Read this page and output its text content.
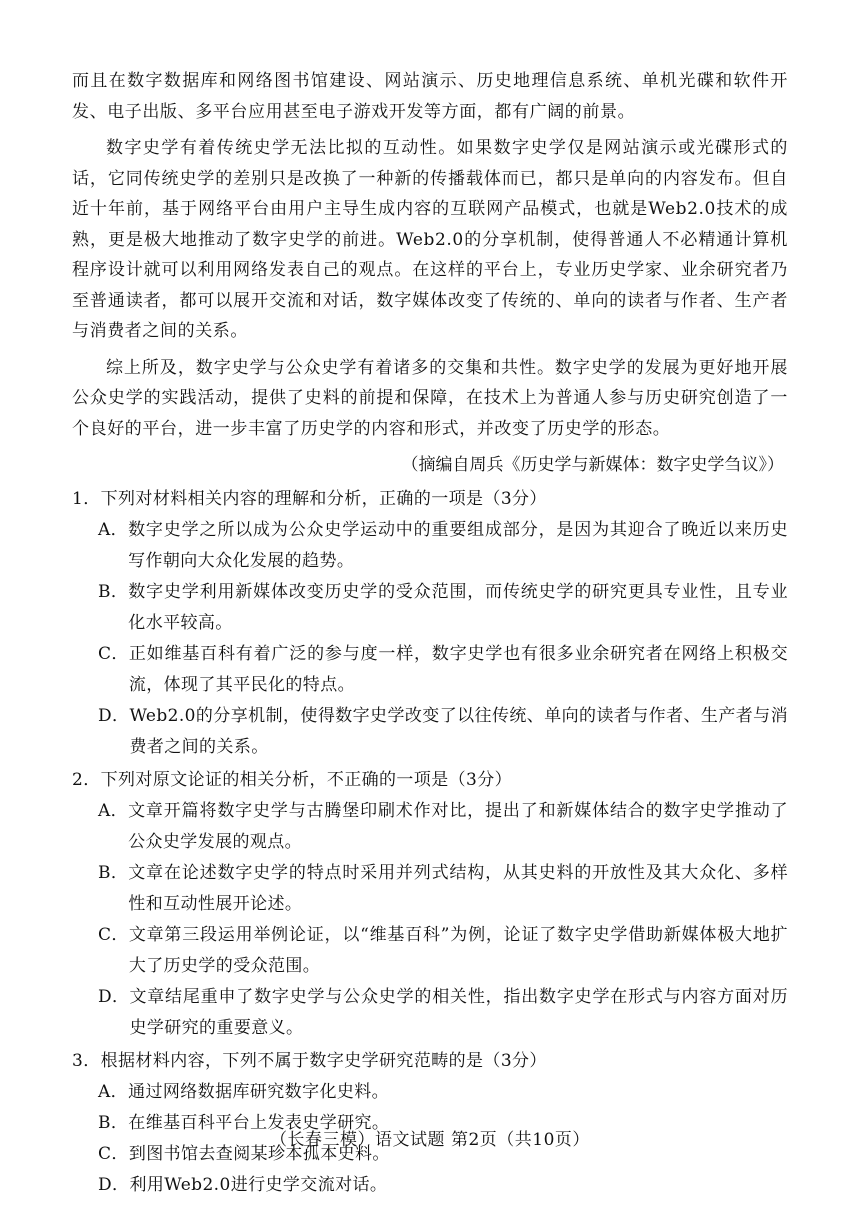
而且在数字数据库和网络图书馆建设、网站演示、历史地理信息系统、单机光碟和软件开发、电子出版、多平台应用甚至电子游戏开发等方面，都有广阔的前景。

数字史学有着传统史学无法比拟的互动性。如果数字史学仅是网站演示或光碟形式的话，它同传统史学的差别只是改换了一种新的传播载体而已，都只是单向的内容发布。但自近十年前，基于网络平台由用户主导生成内容的互联网产品模式，也就是Web2.0技术的成熟，更是极大地推动了数字史学的前进。Web2.0的分享机制，使得普通人不必精通计算机程序设计就可以利用网络发表自己的观点。在这样的平台上，专业历史学家、业余研究者乃至普通读者，都可以展开交流和对话，数字媒体改变了传统的、单向的读者与作者、生产者与消费者之间的关系。

综上所及，数字史学与公众史学有着诸多的交集和共性。数字史学的发展为更好地开展公众史学的实践活动，提供了史料的前提和保障，在技术上为普通人参与历史研究创造了一个良好的平台，进一步丰富了历史学的内容和形式，并改变了历史学的形态。

（摘编自周兵《历史学与新媒体：数字史学刍议》）

1．下列对材料相关内容的理解和分析，正确的一项是（3分）

A． 数字史学之所以成为公众史学运动中的重要组成部分，是因为其迎合了晚近以来历史写作朝向大众化发展的趋势。
B． 数字史学利用新媒体改变历史学的受众范围，而传统史学的研究更具专业性，且专业化水平较高。
C． 正如维基百科有着广泛的参与度一样，数字史学也有很多业余研究者在网络上积极交流，体现了其平民化的特点。
D． Web2.0的分享机制，使得数字史学改变了以往传统、单向的读者与作者、生产者与消费者之间的关系。

2．下列对原文论证的相关分析，不正确的一项是（3分）

A． 文章开篇将数字史学与古腾堡印刷术作对比，提出了和新媒体结合的数字史学推动了公众史学发展的观点。
B． 文章在论述数字史学的特点时采用并列式结构，从其史料的开放性及其大众化、多样性和互动性展开论述。
C． 文章第三段运用举例论证，以“维基百科”为例，论证了数字史学借助新媒体极大地扩大了历史学的受众范围。
D． 文章结尾重申了数字史学与公众史学的相关性，指出数字史学在形式与内容方面对历史学研究的重要意义。

3．根据材料内容，下列不属于数字史学研究范畴的是（3分）

A． 通过网络数据库研究数字化史料。
B． 在维基百科平台上发表史学研究。
C． 到图书馆去查阅某珍本孤本史料。
D． 利用Web2.0进行史学交流对话。
（长春三模）语文试题 第2页（共10页）
